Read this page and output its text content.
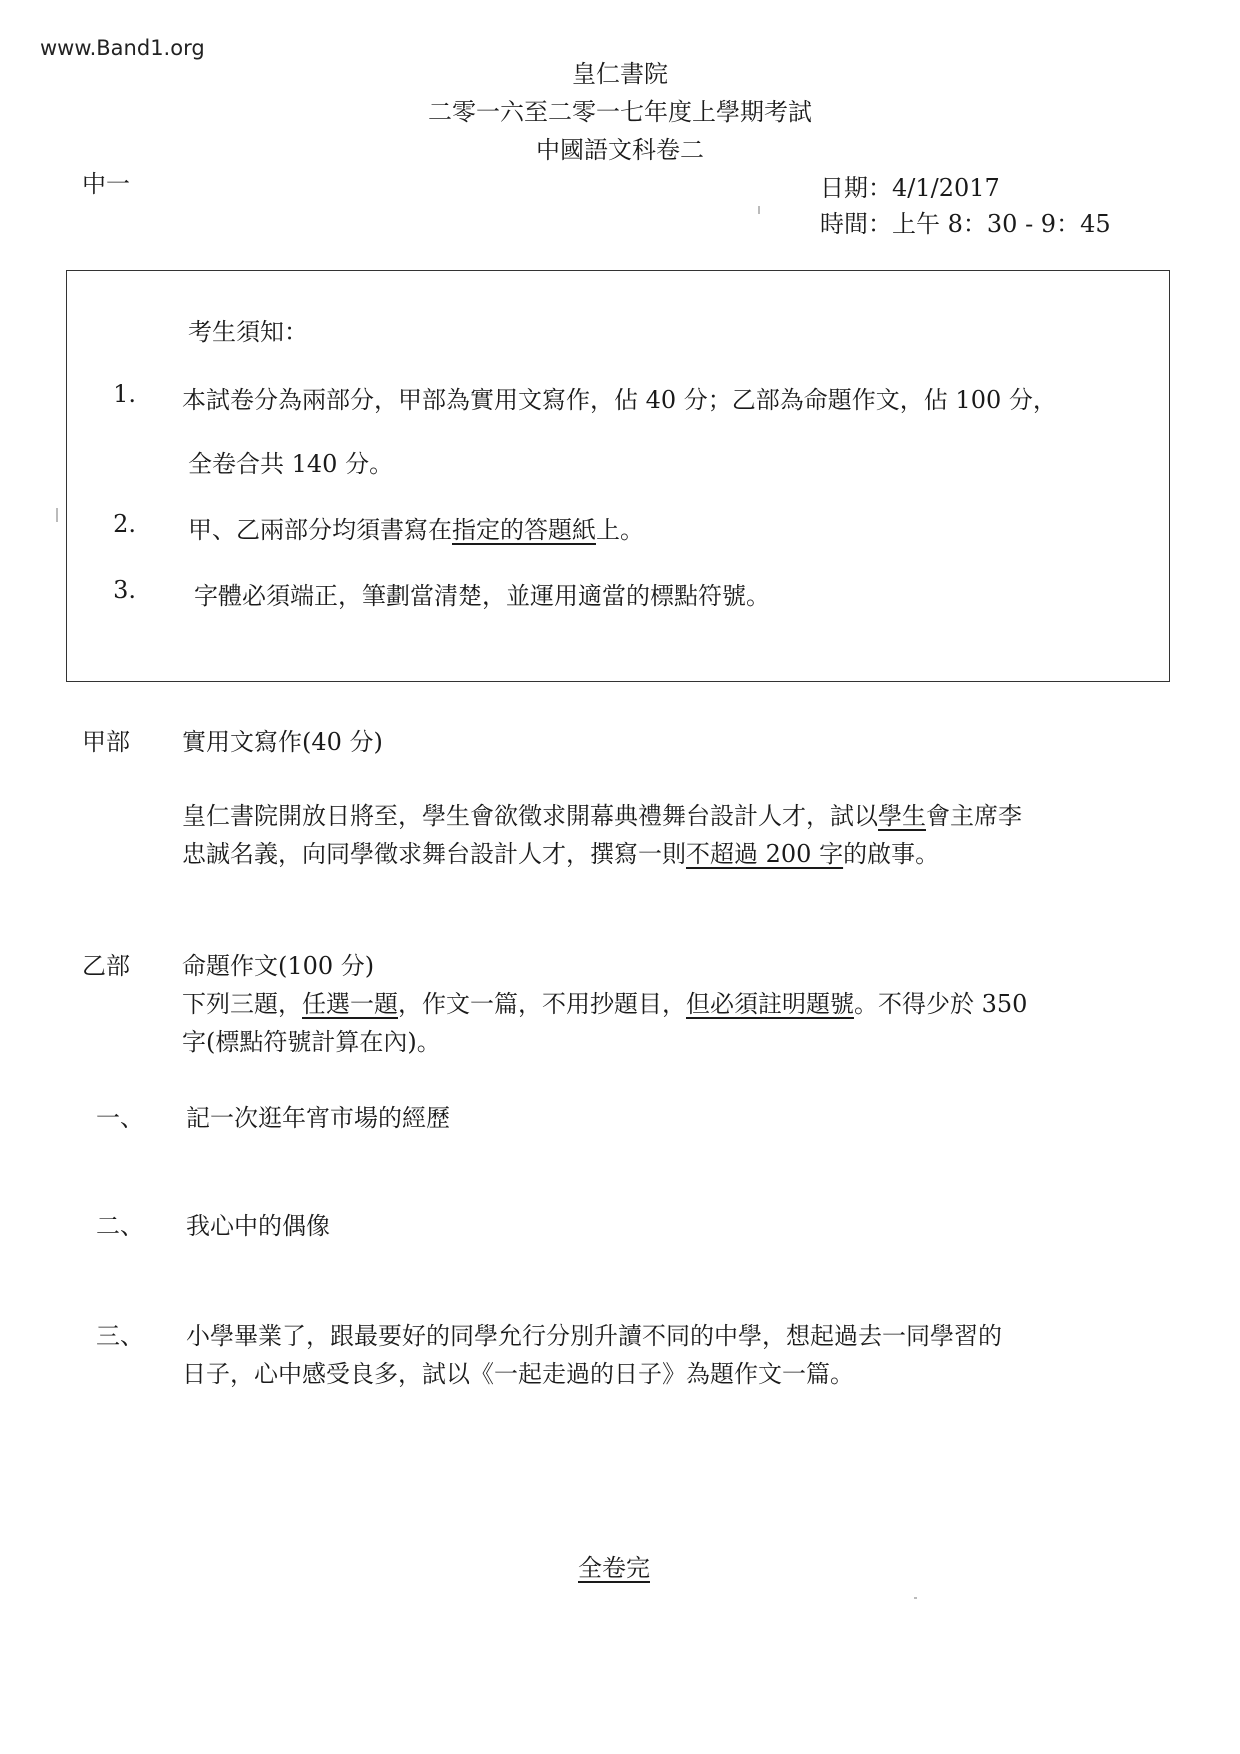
www.Band1.org
皇仁書院
二零一六至二零一七年度上學期考試
中國語文科卷二
中一	日期：4/1/2017
時間：上午 8：30 - 9：45
考生須知：
1. 本試卷分為兩部分，甲部為實用文寫作，佔 40 分；乙部為命題作文，佔 100 分，
全卷合共 140 分。
2. 甲、乙兩部分均須書寫在指定的答題紙上。
3. 字體必須端正，筆劃當清楚，並運用適當的標點符號。
甲部 實用文寫作(40 分)
皇仁書院開放日將至，學生會欲徵求開幕典禮舞台設計人才，試以學生會主席李
忠誠名義，向同學徵求舞台設計人才，撰寫一則不超過 200 字的啟事。
乙部 命題作文(100 分)
下列三題，任選一題，作文一篇，不用抄題目，但必須註明題號。不得少於 350
字(標點符號計算在內)。
一、 記一次逛年宵市場的經歷
二、 我心中的偶像
三、 小學畢業了，跟最要好的同學允行分別升讀不同的中學，想起過去一同學習的
日子，心中感受良多，試以《一起走過的日子》為題作文一篇。
全卷完
